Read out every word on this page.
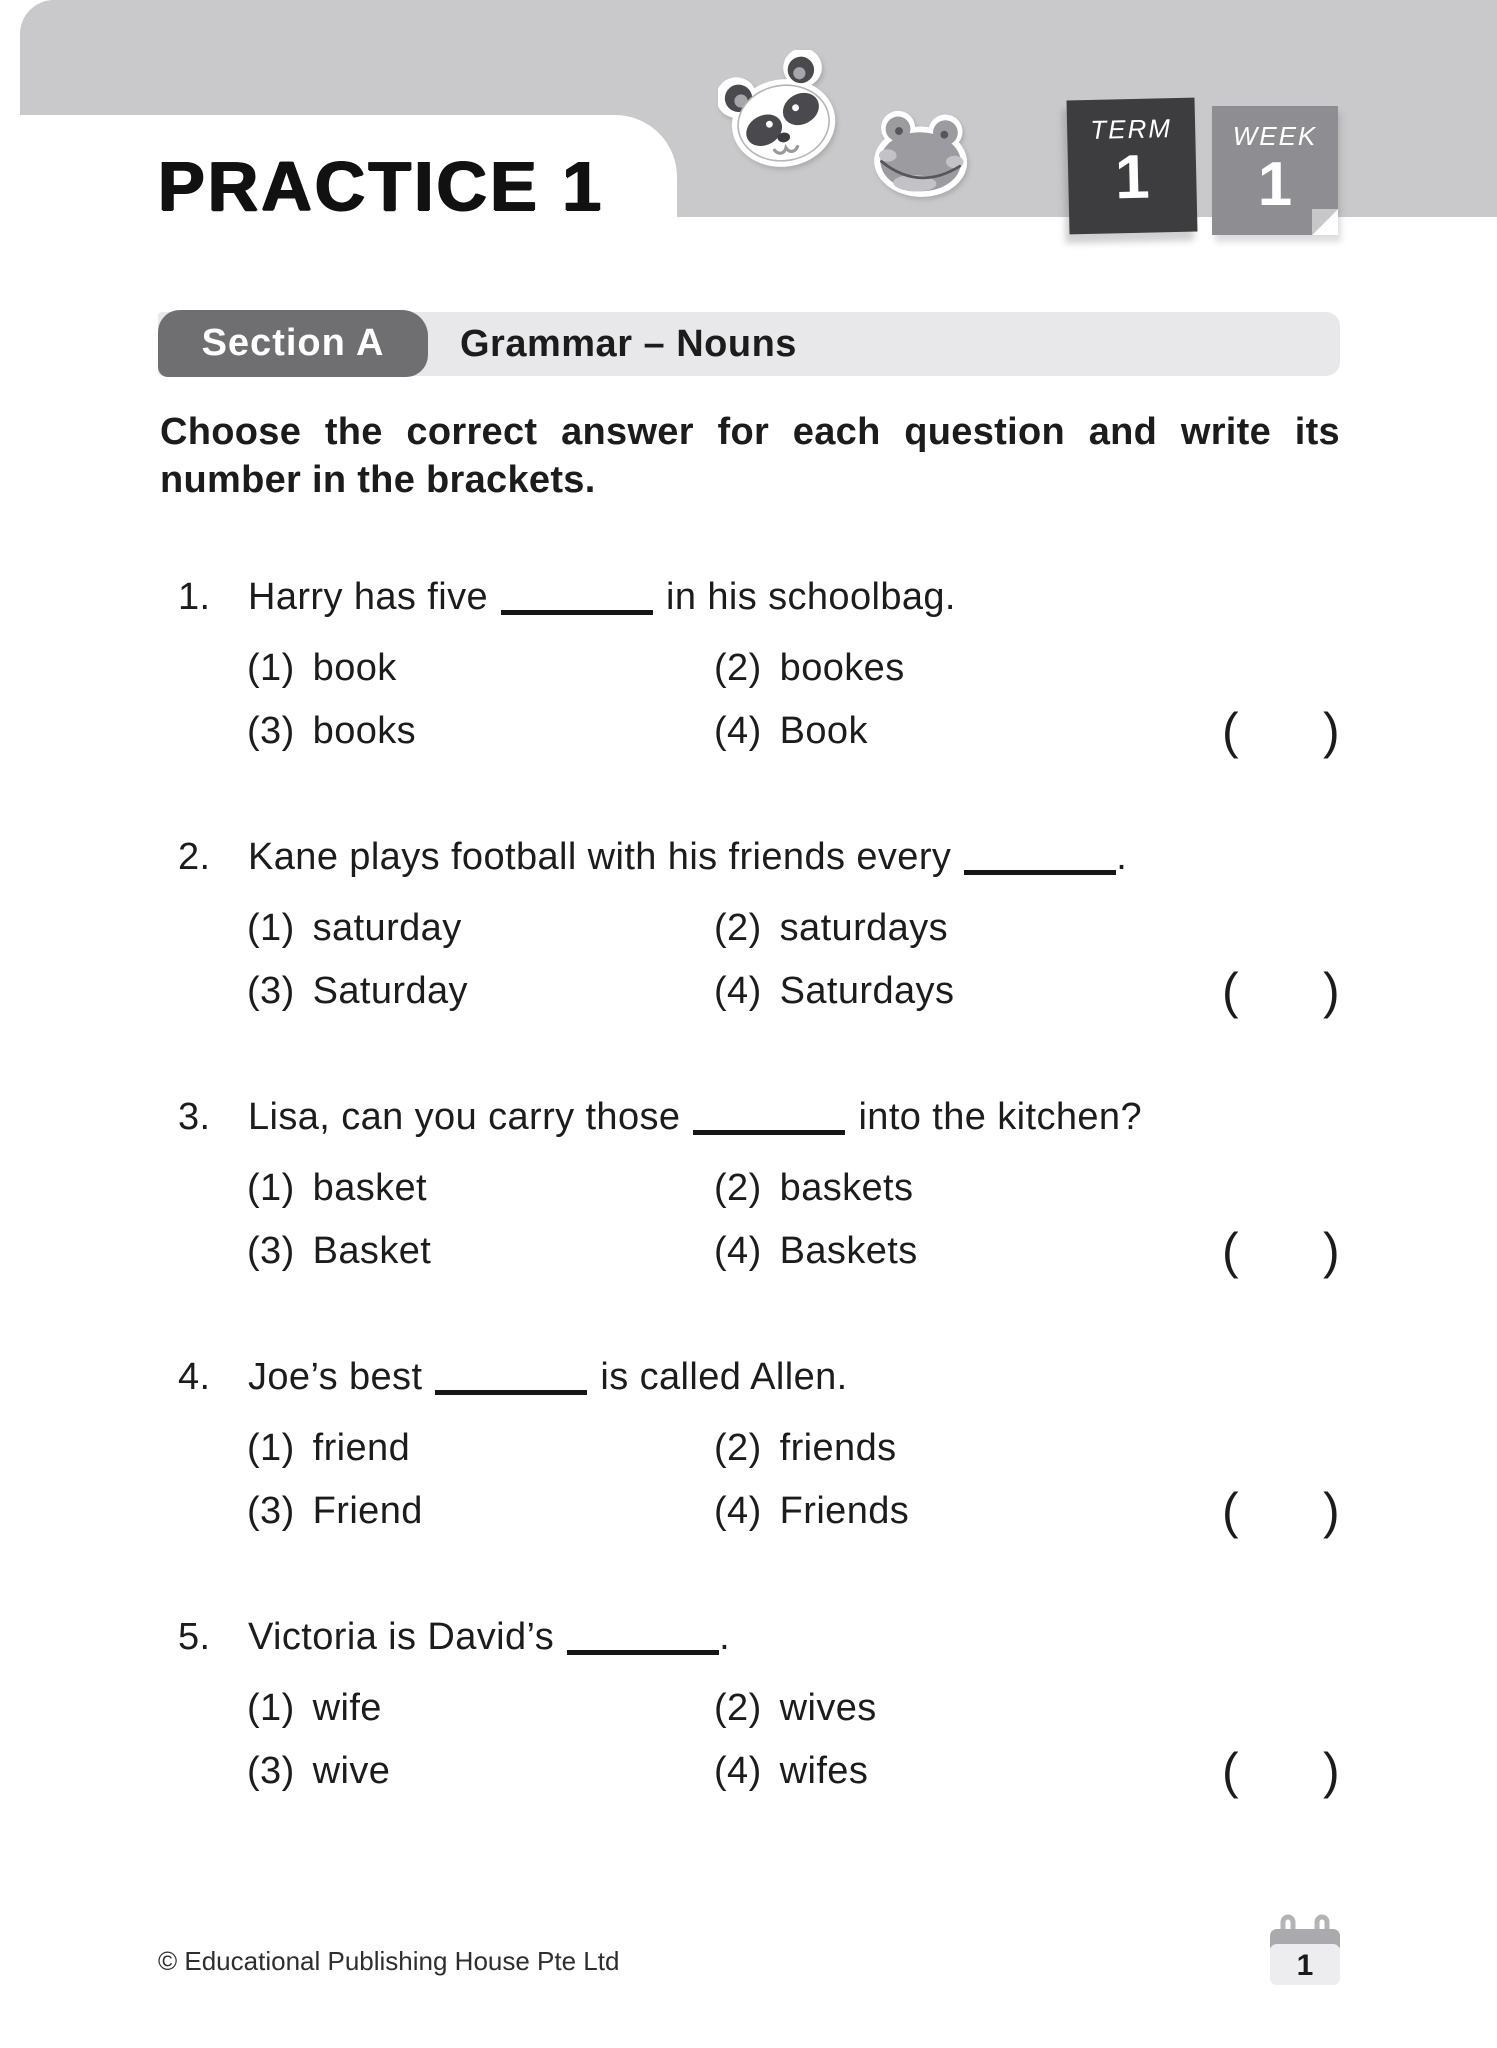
PRACTICE 1
TERM
1
WEEK
1
Section A Grammar – Nouns
Choose the correct answer for each question and write its
number in the brackets.
1. Harry has five	in his schoolbag.
(1) book	(2) bookes
(3) books	(4) Book	( )
2. Kane plays football with his friends every	.
(1) saturday	(2) saturdays
(3) Saturday	(4) Saturdays	( )
3. Lisa, can you carry those	into the kitchen?
(1) basket	(2) baskets
(3) Basket	(4) Baskets	( )
4. Joe’s best	is called Allen.
(1) friend	(2) friends
(3) Friend	(4) Friends	( )
5. Victoria is David’s	.
(1) wife	(2) wives
(3) wive	(4) wifes	( )
© Educational Publishing House Pte Ltd	1
